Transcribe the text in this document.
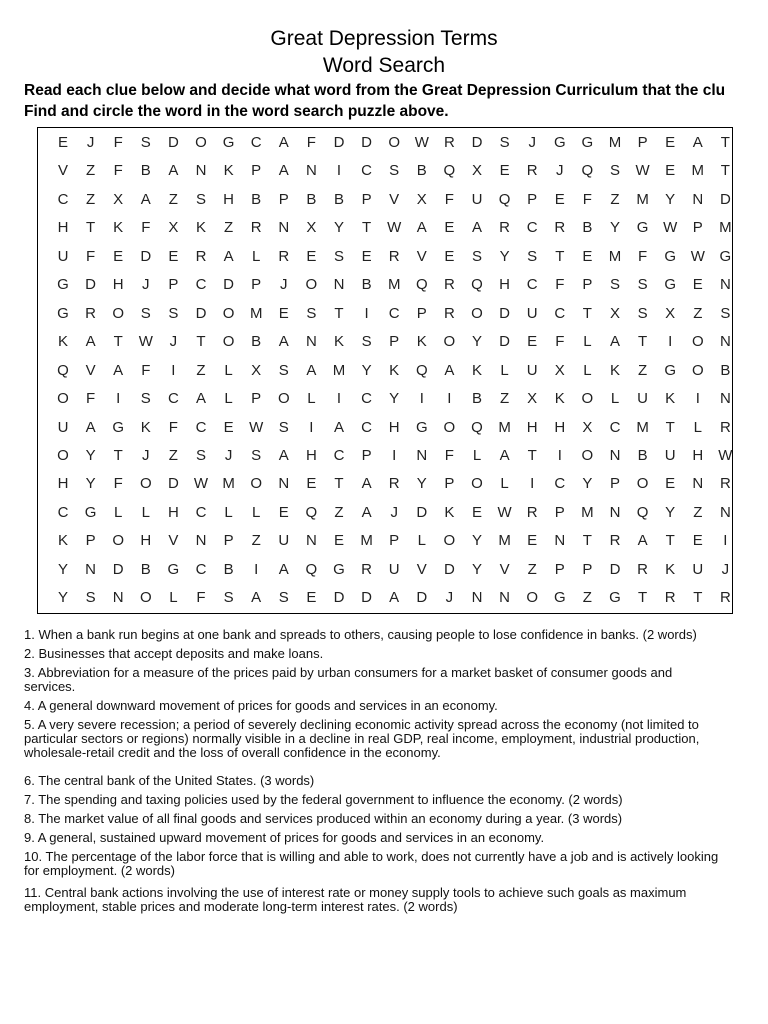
Great Depression Terms
Word Search
Read each clue below and decide what word from the Great Depression Curriculum that the clu
Find and circle the word in the word search puzzle above.
E	J	F	S	D	O	G	C	A	F	D	D	O W	R	D	S	J	G	G	M	P	E	A	T
V	Z	F	B	A	N	K	P	A	N	I	C	S	B	Q	X	E	R	J	Q	S	W	E	M	T
C	Z	X	A	Z	S	H	B	P	B	B	P	V	X	F	U	Q	P	E	F	Z	M	Y	N	D
H	T	K	F	X	K	Z	R	N	X	Y	T	W	A	E	A	R	C	R	B	Y	G W	P	M
U	F	E	D	E	R	A	L	R	E	S	E	R	V	E	S	Y	S	T	E	M	F	G W G
G	D	H	J	P	C	D	P	J	O	N	B	M	Q	R	Q	H	C	F	P	S	S	G	E	N
G	R	O	S	S	D	O	M	E	S	T	I	C	P	R	O	D	U	C	T	X	S	X	Z	S
K	A	T	W	J	T	O	B	A	N	K	S	P	K	O	Y	D	E	F	L	A	T	I	O	N
Q	V	A	F	I	Z	L	X	S	A	M	Y	K	Q	A	K	L	U	X	L	K	Z	G	O	B
O	F	I	S	C	A	L	P	O	L	I	C	Y	I	I	B	Z	X	K	O	L	U	K	I	N
U	A	G	K	F	C	E	W	S	I	A	C	H	G	O	Q	M	H	H	X	C	M	T	L	R
O	Y	T	J	Z	S	J	S	A	H	C	P	I	N	F	L	A	T	I	O	N	B	U	H	W
H	Y	F	O	D	W M	O	N	E	T	A	R	Y	P	O	L	I	C	Y	P	O	E	N	R
C	G	L	L	H	C	L	L	E	Q	Z	A	J	D	K	E	W	R	P	M	N	Q	Y	Z	N
K	P	O	H	V	N	P	Z	U	N	E	M	P	L	O	Y	M	E	N	T	R	A	T	E	I
Y	N	D	B	G	C	B	I	A	Q	G	R	U	V	D	Y	V	Z	P	P	D	R	K	U	J
Y	S	N	O	L	F	S	A	S	E	D	D	A	D	J	N	N	O	G	Z	G	T	R	T	R
1. When a bank run begins at one bank and spreads to others, causing people to lose confidence in banks. (2 words)
2. Businesses that accept deposits and make loans.
3. Abbreviation for a measure of the prices paid by urban consumers for a market basket of consumer goods and services.
4. A general downward movement of prices for goods and services in an economy.
5. A very severe recession; a period of severely declining economic activity spread across the economy (not limited to particular sectors or regions) normally visible in a decline in real GDP, real income, employment, industrial production, wholesale-retail credit and the loss of overall confidence in the economy.
6. The central bank of the United States. (3 words)
7. The spending and taxing policies used by the federal government to influence the economy. (2 words)
8. The market value of all final goods and services produced within an economy during a year. (3 words)
9. A general, sustained upward movement of prices for goods and services in an economy.
10. The percentage of the labor force that is willing and able to work, does not currently have a job and is actively looking for employment. (2 words)
11. Central bank actions involving the use of interest rate or money supply tools to achieve such goals as maximum employment, stable prices and moderate long-term interest rates. (2 words)
